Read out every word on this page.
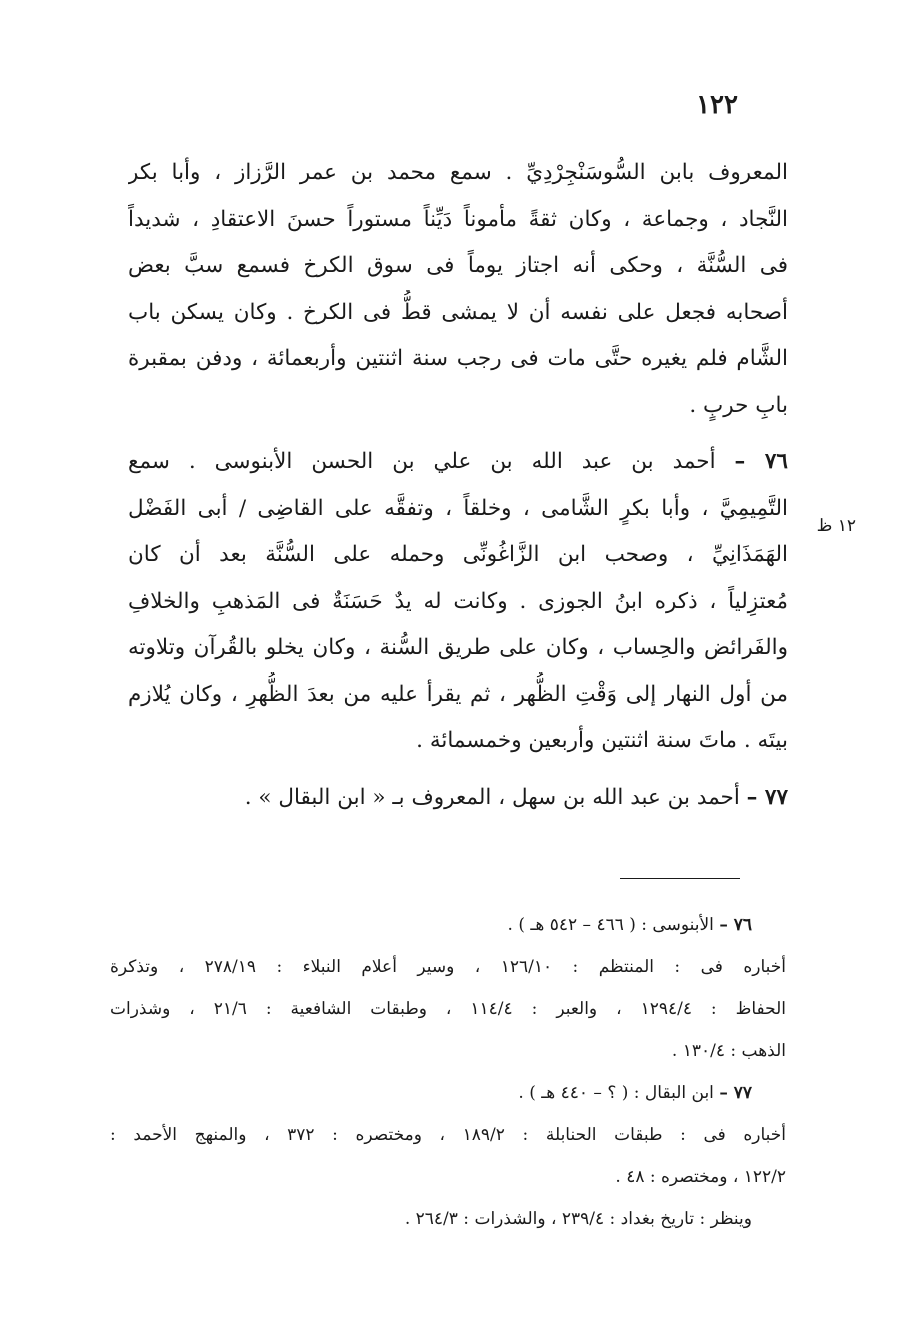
١٢٢
١٢ ظ
المعروف بابن السُّوسَنْجِرْدِيِّ . سمع محمد بن عمر الرَّزاز ، وأبا بكر
النَّجاد ، وجماعة ، وكان ثقةً مأموناً دَيِّناً مستوراً حسنَ الاعتقادِ ، شديداً
فى السُّنَّة ، وحكى أنه اجتاز يوماً فى سوق الكرخ فسمع سبَّ بعض
أصحابه فجعل على نفسه أن لا يمشى قطُّ فى الكرخ . وكان يسكن باب
الشَّام فلم يغيره حتَّى مات فى رجب سنة اثنتين وأربعمائة ، ودفن بمقبرة
بابِ حربٍ .
٧٦ – أحمد بن عبد الله بن علي بن الحسن الأبنوسى . سمع
التَّمِيمِيَّ ، وأبا بكرٍ الشَّامى ، وخلقاً ، وتفقَّه على القاضِى / أبى الفَضْل
الهَمَذَانِيِّ ، وصحب ابن الزَّاغُونِّى وحمله على السُّنَّة بعد أن كان
مُعتزِلياً ، ذكره ابنُ الجوزى . وكانت له يدٌ حَسَنَةٌ فى المَذهبِ والخلافِ
والفَرائض والحِساب ، وكان على طريق السُّنة ، وكان يخلو بالقُرآن وتلاوته
من أول النهار إلى وَقْتِ الظُّهر ، ثم يقرأ عليه من بعدَ الظُّهرِ ، وكان يُلازم
بيتَه . ماتَ سنة اثنتين وأربعين وخمسمائة .
٧٧ – أحمد بن عبد الله بن سهل ، المعروف بـ « ابن البقال » .
٧٦ – الأبنوسى : ( ٤٦٦ – ٥٤٢ هـ ) .
أخباره فى : المنتظم : ١٢٦/١٠ ، وسير أعلام النبلاء : ٢٧٨/١٩ ، وتذكرة
الحفاظ : ١٢٩٤/٤ ، والعبر : ١١٤/٤ ، وطبقات الشافعية : ٢١/٦ ، وشذرات
الذهب : ١٣٠/٤ .
٧٧ – ابن البقال : ( ؟ – ٤٤٠ هـ ) .
أخباره فى : طبقات الحنابلة : ١٨٩/٢ ، ومختصره : ٣٧٢ ، والمنهج الأحمد :
١٢٢/٢ ، ومختصره : ٤٨ .
وينظر : تاريخ بغداد : ٢٣٩/٤ ، والشذرات : ٢٦٤/٣ .
